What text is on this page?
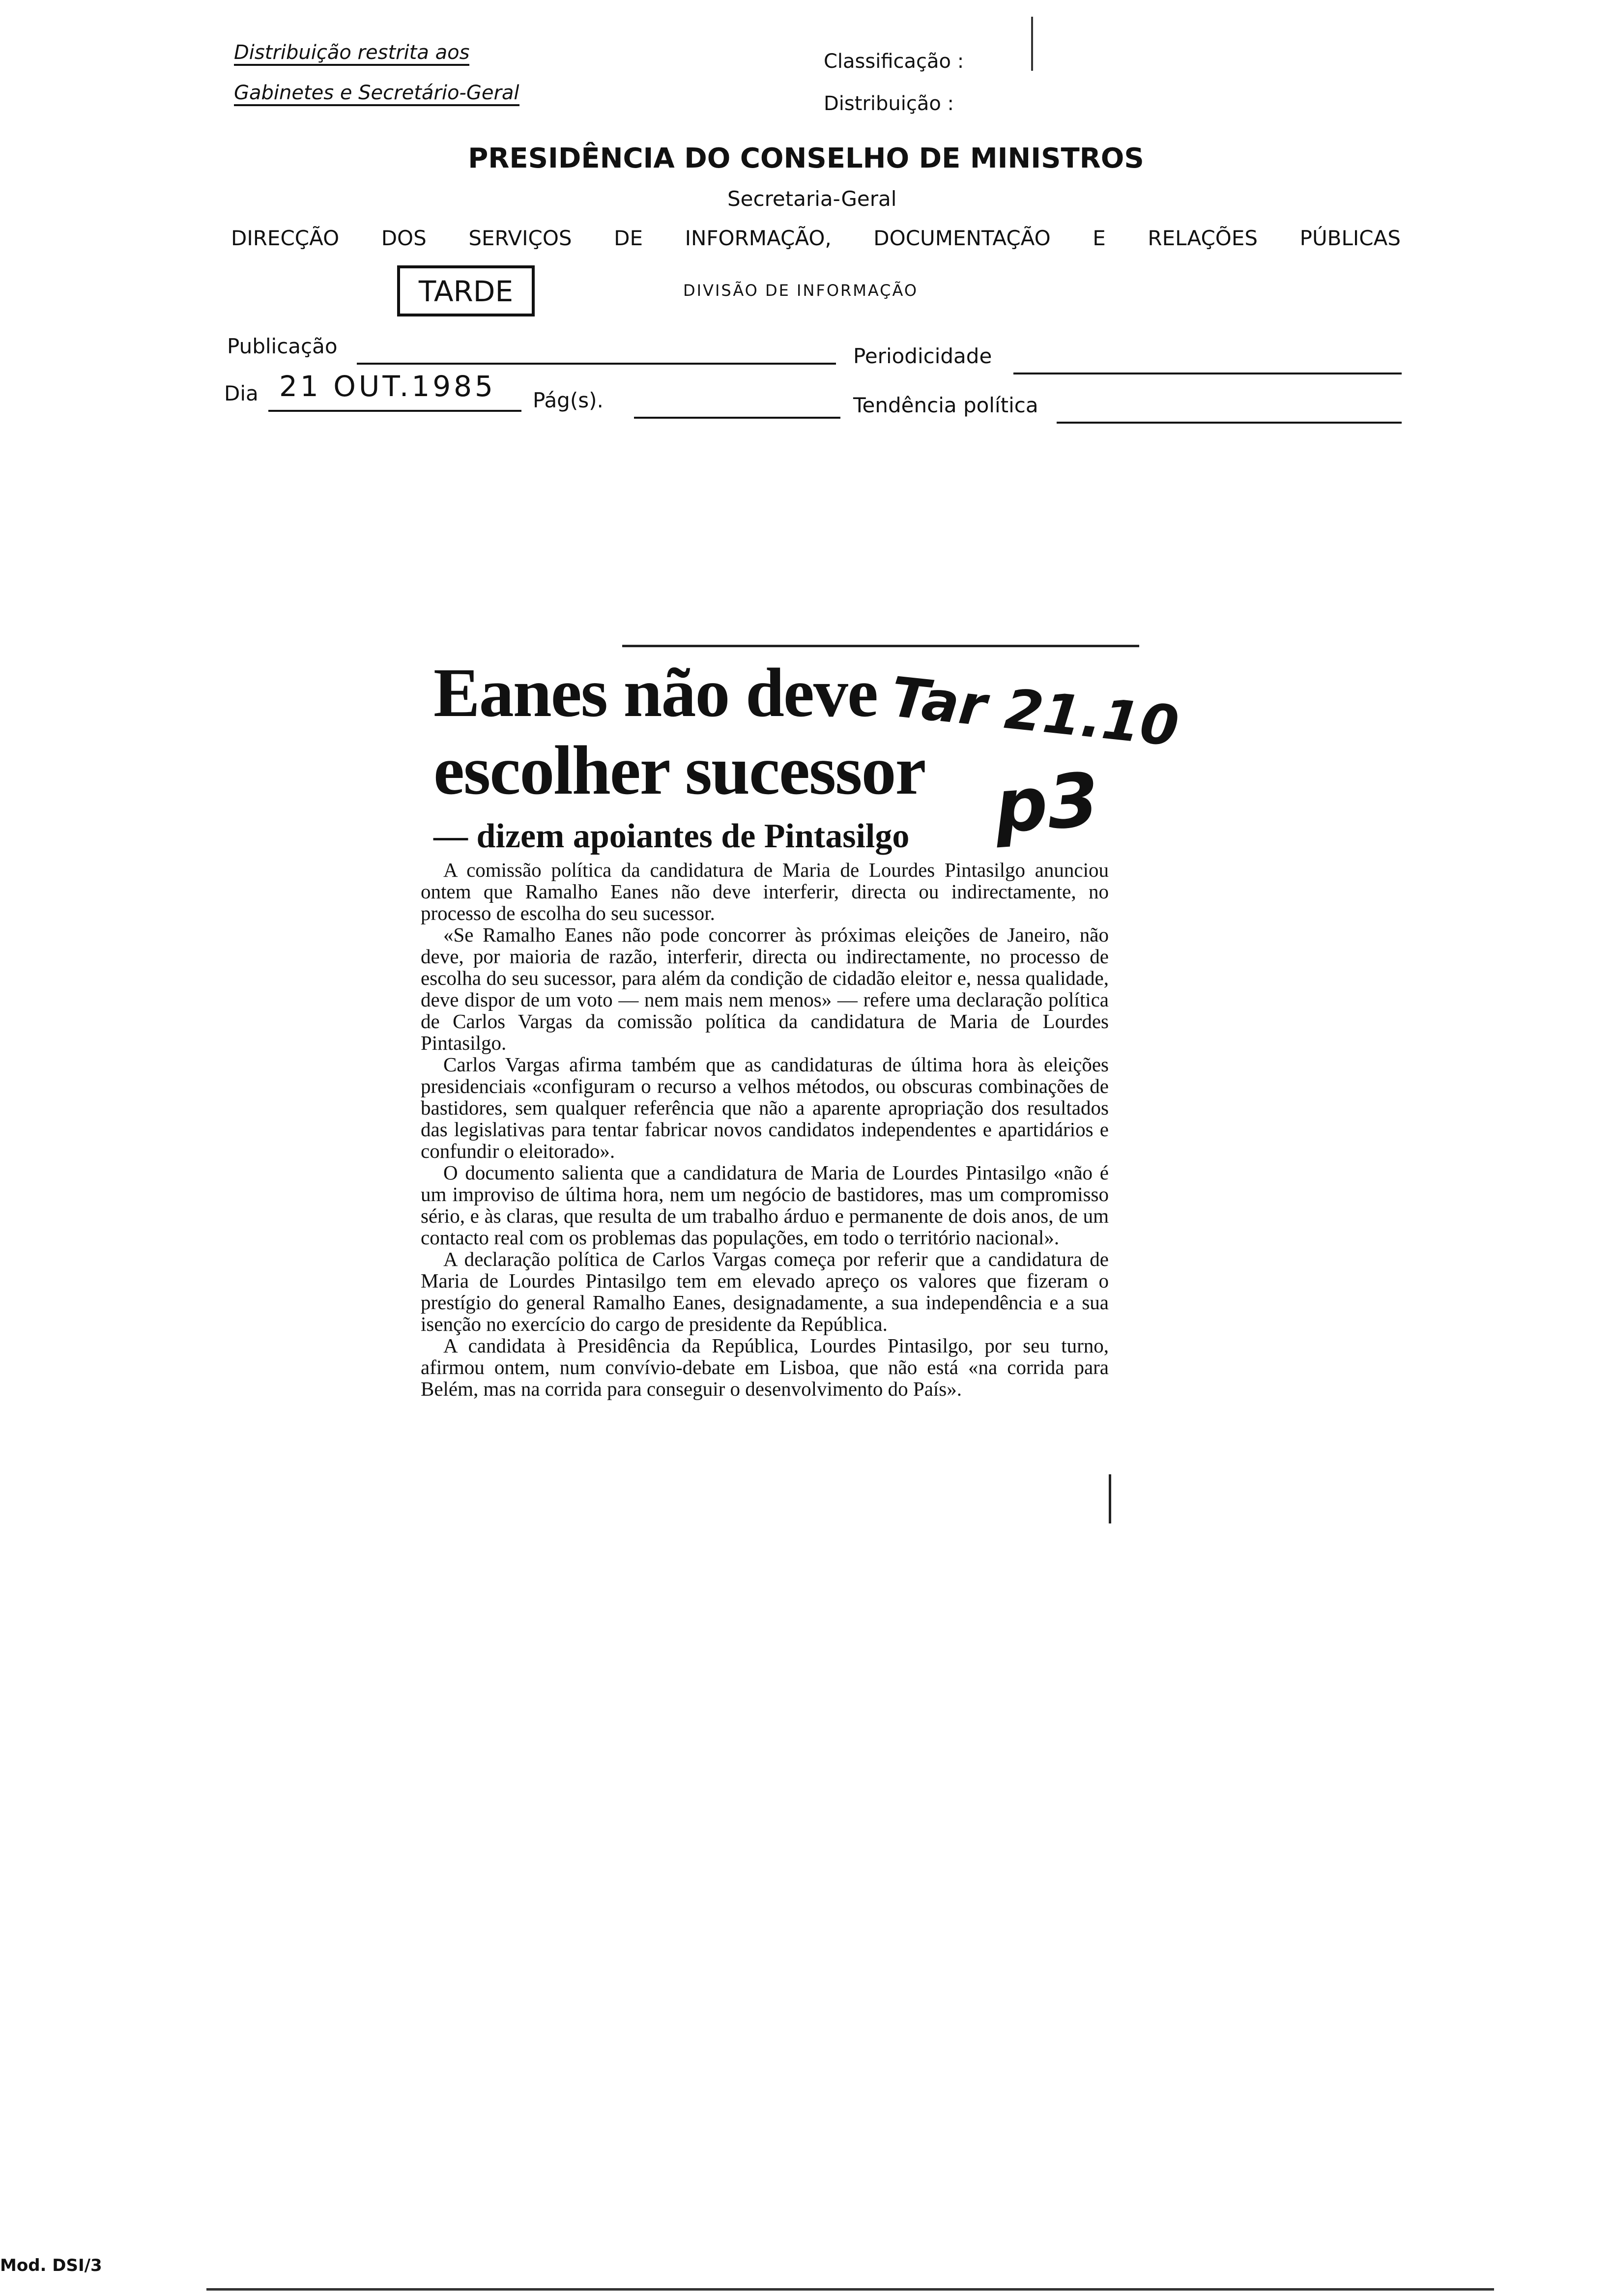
Distribuição restrita aos
Gabinetes e Secretário-Geral
Classificação :
Distribuição :
PRESIDÊNCIA DO CONSELHO DE MINISTROS
Secretaria-Geral
DIRECÇÃO DOS SERVIÇOS DE INFORMAÇÃO, DOCUMENTAÇÃO E RELAÇÕES PÚBLICAS
TARDE	DIVISÃO DE INFORMAÇÃO
Publicação	Periodicidade
Dia 21 OUT.1985 Pág(s).	Tendência política
Eanes não deve
escolher sucessor
— dizem apoiantes de Pintasilgo
Tar 21.10
p3

A comissão política da candidatura de Maria de Lourdes Pintasilgo anunciou ontem que Ramalho Eanes não deve interferir, directa ou indirectamente, no processo de escolha do seu sucessor.

«Se Ramalho Eanes não pode concorrer às próximas eleições de Janeiro, não deve, por maioria de razão, interferir, directa ou indirectamente, no processo de escolha do seu sucessor, para além da condição de cidadão eleitor e, nessa qualidade, deve dispor de um voto — nem mais nem menos» — refere uma declaração política de Carlos Vargas da comissão política da candidatura de Maria de Lourdes Pintasilgo.

Carlos Vargas afirma também que as candidaturas de última hora às eleições presidenciais «configuram o recurso a velhos métodos, ou obscuras combinações de bastidores, sem qualquer referência que não a aparente apropriação dos resultados das legislativas para tentar fabricar novos candidatos independentes e apartidários e confundir o eleitorado».

O documento salienta que a candidatura de Maria de Lourdes Pintasilgo «não é um improviso de última hora, nem um negócio de bastidores, mas um compromisso sério, e às claras, que resulta de um trabalho árduo e permanente de dois anos, de um contacto real com os problemas das populações, em todo o território nacional».

A declaração política de Carlos Vargas começa por referir que a candidatura de Maria de Lourdes Pintasilgo tem em elevado apreço os valores que fizeram o prestígio do general Ramalho Eanes, designadamente, a sua independência e a sua isenção no exercício do cargo de presidente da República.

A candidata à Presidência da República, Lourdes Pintasilgo, por seu turno, afirmou ontem, num convívio-debate em Lisboa, que não está «na corrida para Belém, mas na corrida para conseguir o desenvolvimento do País».

Mod. DSI/3
